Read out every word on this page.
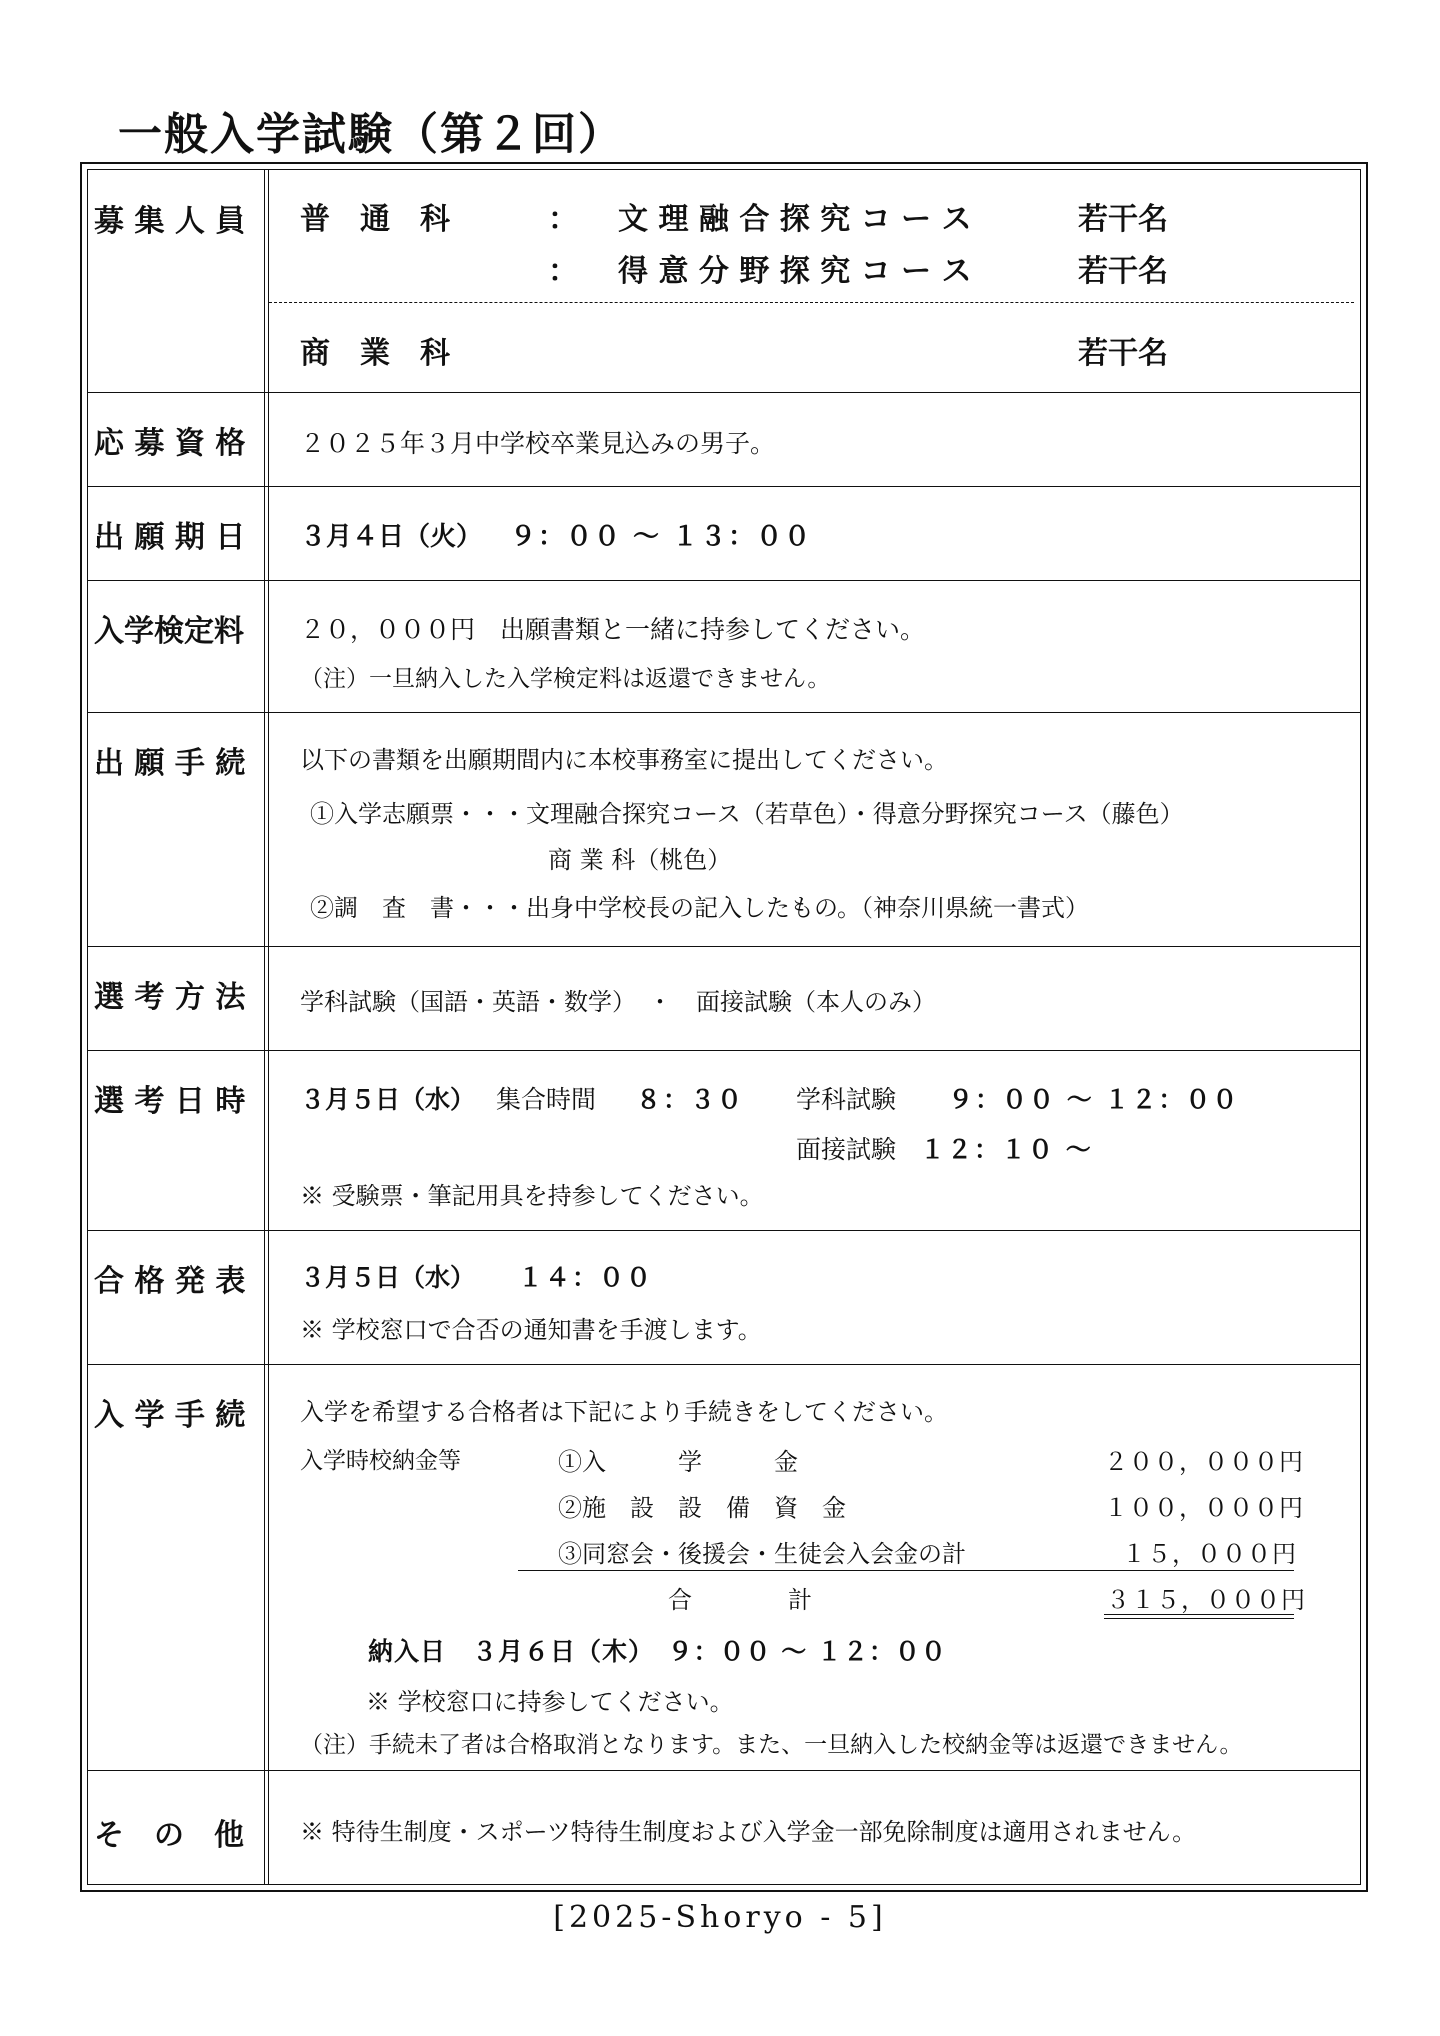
一般入学試験（第２回）
募 集 人 員	普　通　科	： 文 理 融 合 探 究 コ ー ス	若干名
： 得 意 分 野 探 究 コ ー ス	若干名
商　業　科	若干名
応 募 資 格	２０２５年３月中学校卒業見込みの男子。
出 願 期 日	３月４日（火） ９：００ ～ １３：００
入学検定料	２０，０００円　出願書類と一緒に持参してください。
（注）一旦納入した入学検定料は返還できません。
出 願 手 続	以下の書類を出願期間内に本校事務室に提出してください。
①入学志願票・・・文理融合探究コース（若草色）・得意分野探究コース（藤色）
商 業 科（桃色）
②調　査　書・・・出身中学校長の記入したもの。（神奈川県統一書式）
選 考 方 法	学科試験（国語・英語・数学）　・　面接試験（本人のみ）
選 考 日 時	３月５日（水） 集合時間 ８：３０ 学科試験 ９：００ ～ １２：００
面接試験 １２：１０ ～
※ 受験票・筆記用具を持参してください。
合 格 発 表	３月５日（水） １４：００
※ 学校窓口で合否の通知書を手渡します。
入 学 手 続	入学を希望する合格者は下記により手続きをしてください。
入学時校納金等	①入　　　学　　　金	２００，０００円
②施　設　設　備　資　金	１００，０００円
③同窓会・後援会・生徒会入会金の計	１５，０００円
合　　　　計	３１５，０００円
納入日　３月６日（木）　９：００ ～ １２：００
※ 学校窓口に持参してください。
（注）手続未了者は合格取消となります。また、一旦納入した校納金等は返還できません。
そ　の　他	※ 特待生制度・スポーツ特待生制度および入学金一部免除制度は適用されません。
[2025-Shoryo - 5]
